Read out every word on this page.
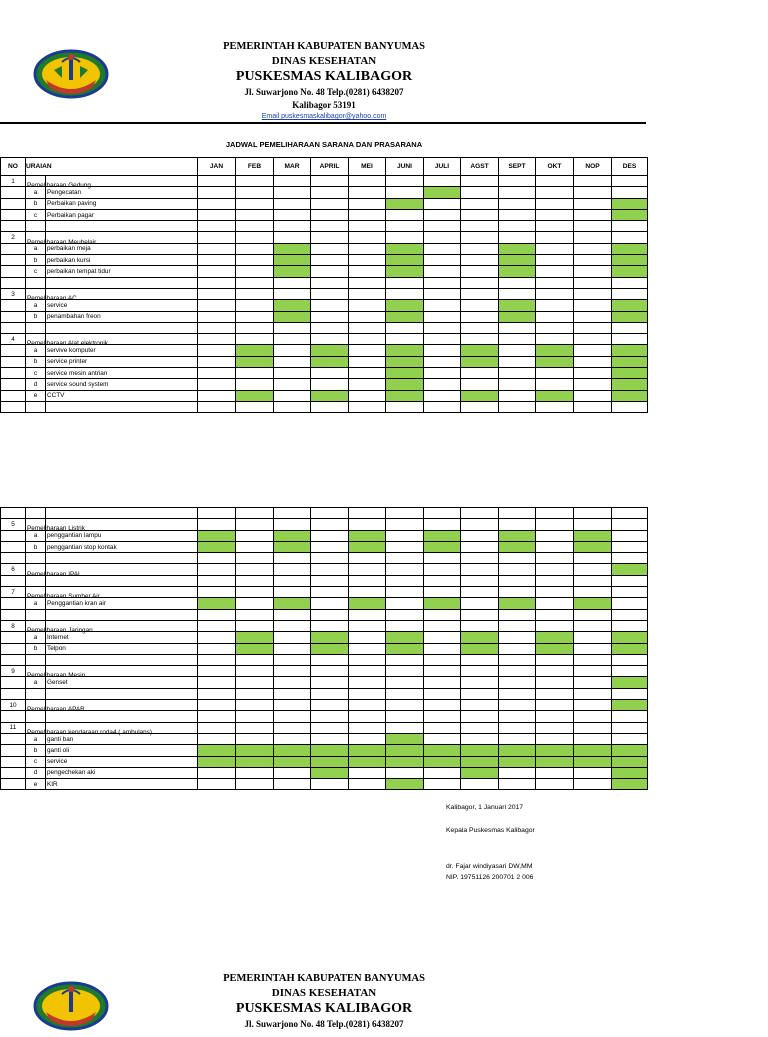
PEMERINTAH KABUPATEN BANYUMAS
DINAS KESEHATAN
PUSKESMAS KALIBAGOR
Jl. Suwarjono No. 48 Telp.(0281) 6438207
Kalibagor 53191
Email puskesmaskalibagor@yahoo.com
JADWAL PEMELIHARAAN SARANA DAN PRASARANA
NO	URAIAN		JAN	FEB	MAR	APRIL	MEI	JUNI	JULI	AGST	SEPT	OKT	NOP	DES
1	Pemeliharaan Gedung													

	a	Pengecatan												
	b	Perbaikan paving												
	c	Perbaikan pagar												

2	Pemeliharaan Meubelair													

	a	perbaikan meja												
	b	perbaikan kursi												
	c	perbaikan tempat tidur												

3	Pemeliharaan AC													

	a	service												
	b	penambahan freon												

4	Pemeliharaan Alat elektronik													

	a	servive komputer												
	b	service printer												
	c	service mesin antrian												
	d	service sound system												
	e	CCTV												

5	Pemeliharaan Listrik													

	a	penggantian lampu												
	b	penggantian stop kontak												

6	Pemeliharaan IPAL													

7	Pemeliharaan Sumber Air													

	a	Penggantian kran air												

8	Pemeliharaan Jaringan													

	a	Internet												
	b	Telpon												

9	Pemeliharaan Mesin													

	a	Genset												

10	Pemeliharaan APAR													

11	Pemeliharaan kendaraan roda4 ( ambulans)													

	a	ganti ban												
	b	ganti oli												
	c	service												
	d	pengechekan aki												
	e	KIR												
Kalibagor, 1 Januari 2017
Kepala Puskesmas Kalibagor
dr. Fajar windiyasari DW,MM
NIP. 19751126 200701 2 006
PEMERINTAH KABUPATEN BANYUMAS
DINAS KESEHATAN
PUSKESMAS KALIBAGOR
Jl. Suwarjono No. 48 Telp.(0281) 6438207
